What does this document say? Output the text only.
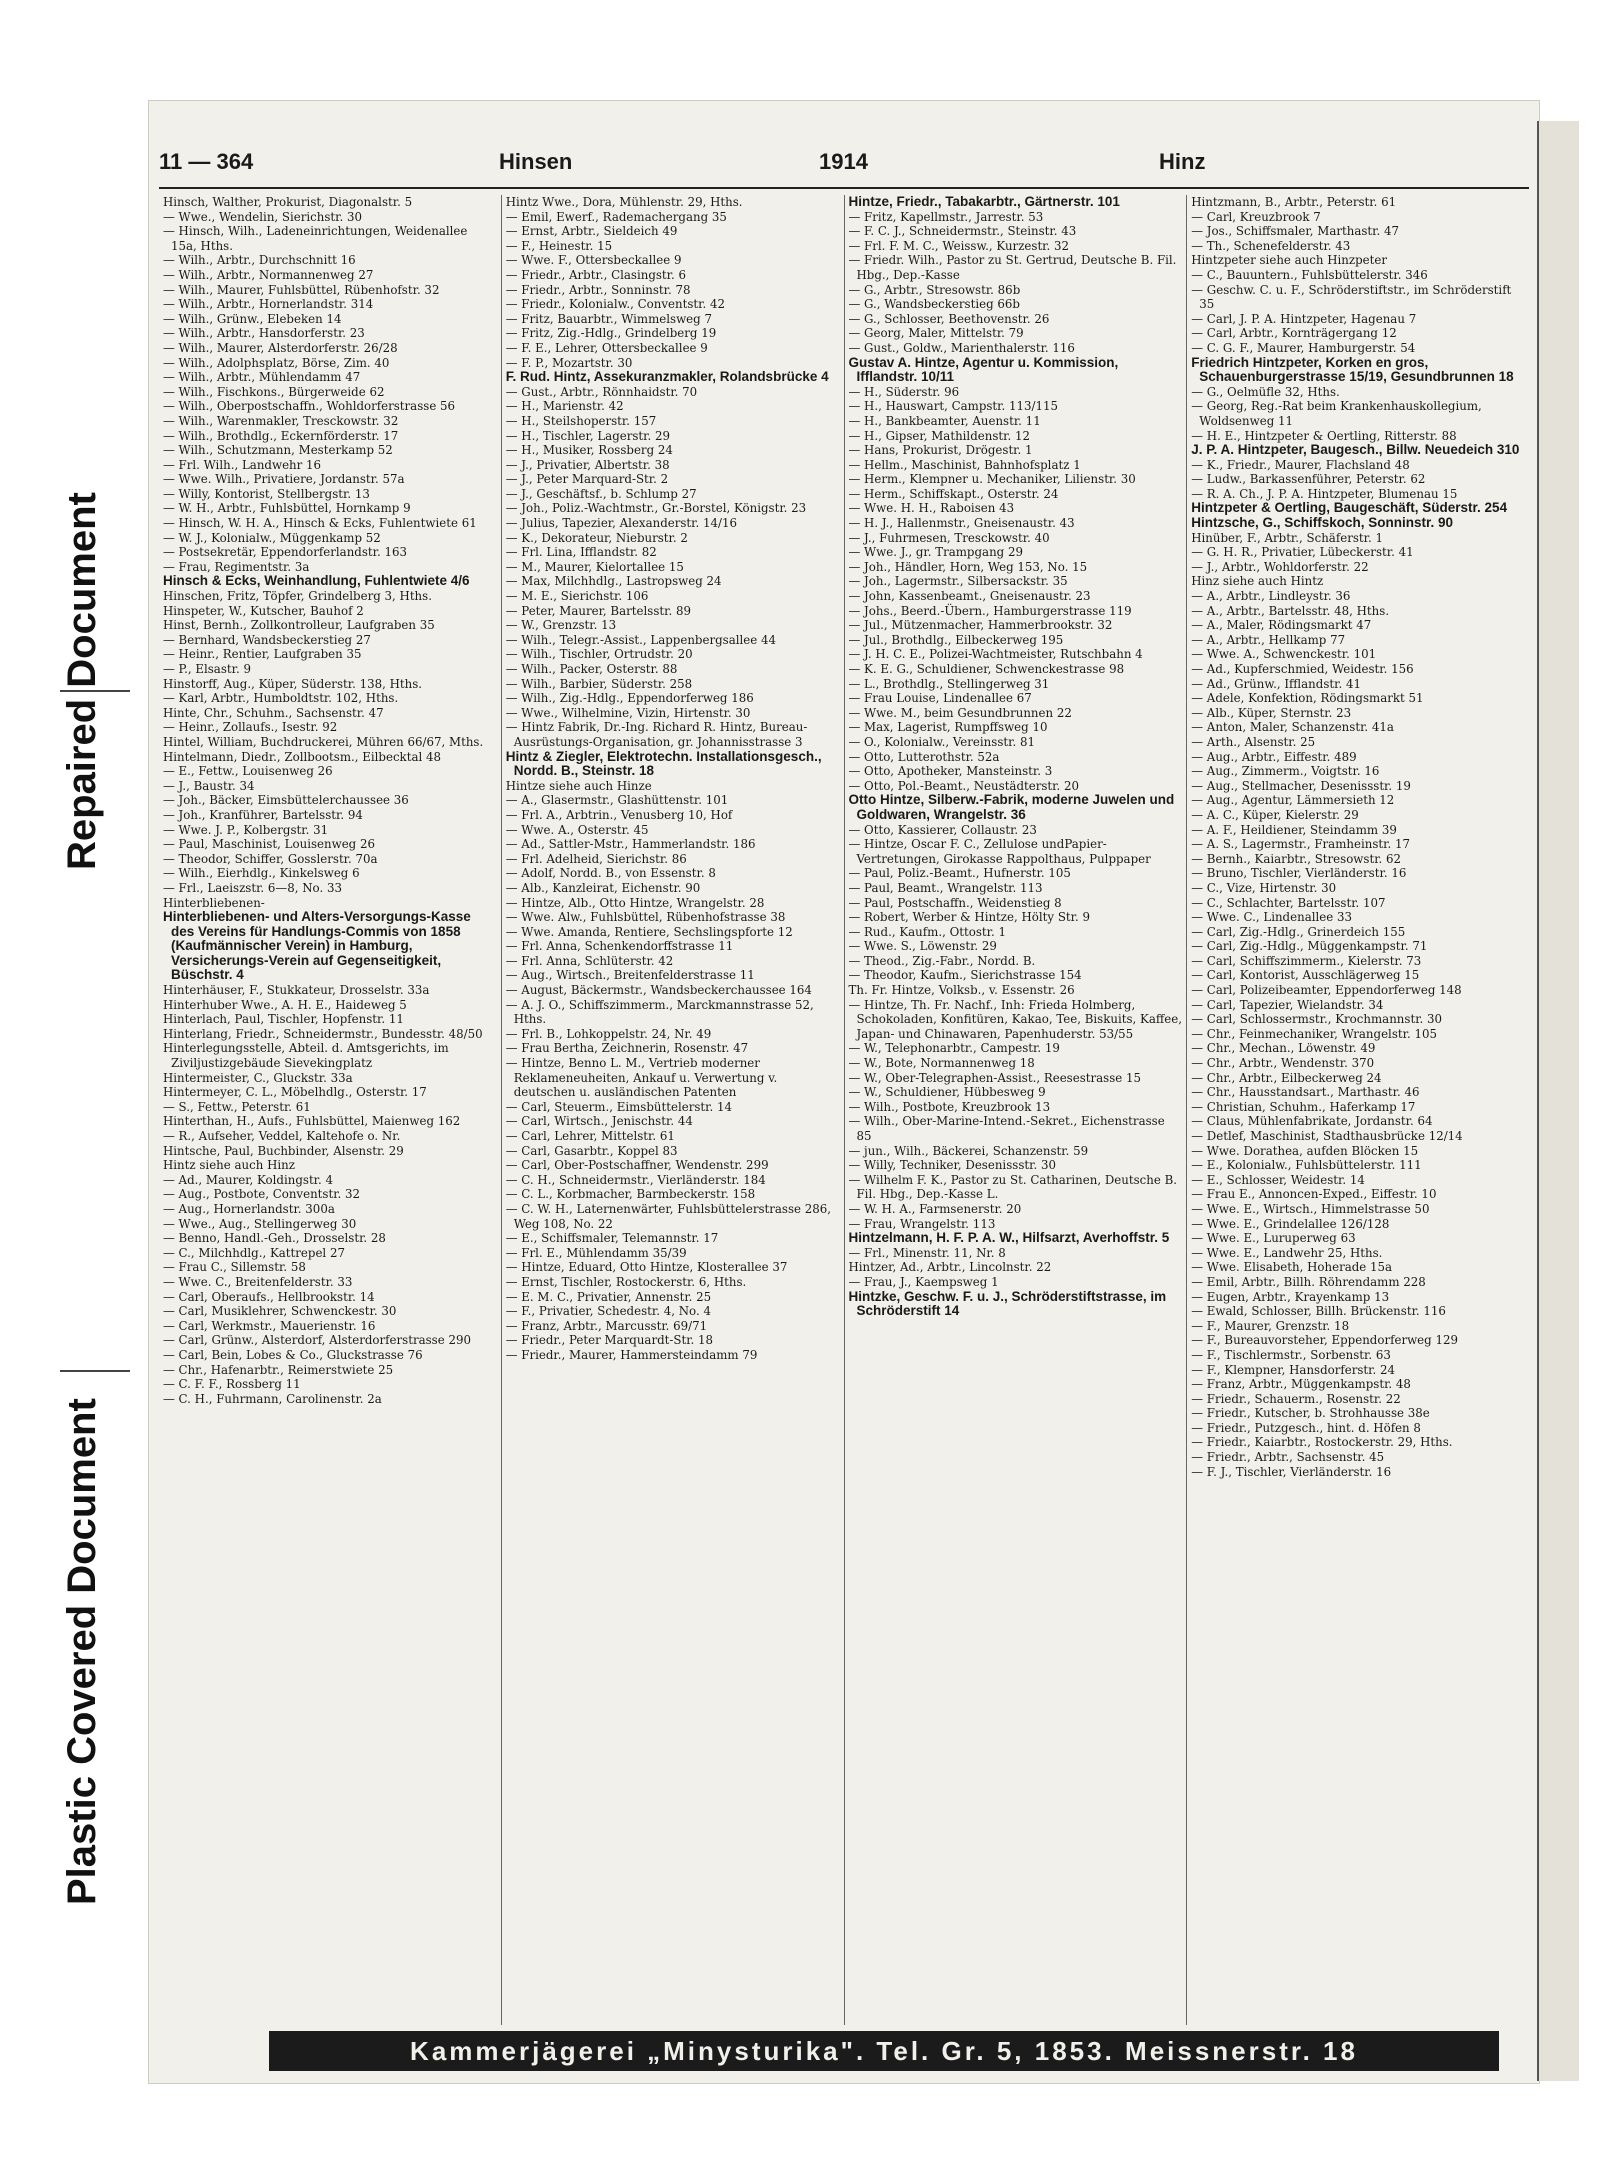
Repaired Document
Plastic Covered Document
11 — 364	Hinsen	1914	Hinz

Hinsch, Walther, Prokurist, Diagonalstr. 5

— Wwe., Wendelin, Sierichstr. 30

— Hinsch, Wilh., Ladeneinrichtungen, Weidenallee 15a, Hths.

— Wilh., Arbtr., Durchschnitt 16

— Wilh., Arbtr., Normannenweg 27

— Wilh., Maurer, Fuhlsbüttel, Rübenhofstr. 32

— Wilh., Arbtr., Hornerlandstr. 314

— Wilh., Grünw., Elebeken 14

— Wilh., Arbtr., Hansdorferstr. 23

— Wilh., Maurer, Alsterdorferstr. 26/28

— Wilh., Adolphsplatz, Börse, Zim. 40

— Wilh., Arbtr., Mühlendamm 47

— Wilh., Fischkons., Bürgerweide 62

— Wilh., Oberpostschaffn., Wohldorferstrasse 56

— Wilh., Warenmakler, Tresckowstr. 32

— Wilh., Brothdlg., Eckernförderstr. 17

— Wilh., Schutzmann, Mesterkamp 52

— Frl. Wilh., Landwehr 16

— Wwe. Wilh., Privatiere, Jordanstr. 57a

— Willy, Kontorist, Stellbergstr. 13

— W. H., Arbtr., Fuhlsbüttel, Hornkamp 9

— Hinsch, W. H. A., Hinsch & Ecks, Fuhlentwiete 61

— W. J., Kolonialw., Müggenkamp 52

— Postsekretär, Eppendorferlandstr. 163

— Frau, Regimentstr. 3a

Hinsch & Ecks, Weinhandlung, Fuhlentwiete 4/6

Hinschen, Fritz, Töpfer, Grindelberg 3, Hths.

Hinspeter, W., Kutscher, Bauhof 2

Hinst, Bernh., Zollkontrolleur, Laufgraben 35

— Bernhard, Wandsbeckerstieg 27

— Heinr., Rentier, Laufgraben 35

— P., Elsastr. 9

Hinstorff, Aug., Küper, Süderstr. 138, Hths.

— Karl, Arbtr., Humboldtstr. 102, Hths.

Hinte, Chr., Schuhm., Sachsenstr. 47

— Heinr., Zollaufs., Isestr. 92

Hintel, William, Buchdruckerei, Mühren 66/67, Mths.

Hintelmann, Diedr., Zollbootsm., Eilbecktal 48

— E., Fettw., Louisenweg 26

— J., Baustr. 34

— Joh., Bäcker, Eimsbüttelerchaussee 36

— Joh., Kranführer, Bartelsstr. 94

— Wwe. J. P., Kolbergstr. 31

— Paul, Maschinist, Louisenweg 26

— Theodor, Schiffer, Gosslerstr. 70a

— Wilh., Eierhdlg., Kinkelsweg 6

— Frl., Laeiszstr. 6—8, No. 33

Hinterbliebenen-

Hinterbliebenen- und Alters-Versorgungs-Kasse des Vereins für Handlungs-Commis von 1858 (Kaufmännischer Verein) in Hamburg, Versicherungs-Verein auf Gegenseitigkeit, Büschstr. 4

Hinterhäuser, F., Stukkateur, Drosselstr. 33a

Hinterhuber Wwe., A. H. E., Haideweg 5

Hinterlach, Paul, Tischler, Hopfenstr. 11

Hinterlang, Friedr., Schneidermstr., Bundesstr. 48/50

Hinterlegungsstelle, Abteil. d. Amtsgerichts, im Ziviljustizgebäude Sievekingplatz

Hintermeister, C., Gluckstr. 33a

Hintermeyer, C. L., Möbelhdlg., Osterstr. 17

— S., Fettw., Peterstr. 61

Hinterthan, H., Aufs., Fuhlsbüttel, Maienweg 162

— R., Aufseher, Veddel, Kaltehofe o. Nr.

Hintsche, Paul, Buchbinder, Alsenstr. 29

Hintz siehe auch Hinz

— Ad., Maurer, Koldingstr. 4

— Aug., Postbote, Conventstr. 32

— Aug., Hornerlandstr. 300a

— Wwe., Aug., Stellingerweg 30

— Benno, Handl.-Geh., Drosselstr. 28

— C., Milchhdlg., Kattrepel 27

— Frau C., Sillemstr. 58

— Wwe. C., Breitenfelderstr. 33

— Carl, Oberaufs., Hellbrookstr. 14

— Carl, Musiklehrer, Schwenckestr. 30

— Carl, Werkmstr., Mauerienstr. 16

— Carl, Grünw., Alsterdorf, Alsterdorferstrasse 290

— Carl, Bein, Lobes & Co., Gluckstrasse 76

— Chr., Hafenarbtr., Reimerstwiete 25

— C. F. F., Rossberg 11

— C. H., Fuhrmann, Carolinenstr. 2a

Hintz Wwe., Dora, Mühlenstr. 29, Hths.

— Emil, Ewerf., Rademachergang 35

— Ernst, Arbtr., Sieldeich 49

— F., Heinestr. 15

— Wwe. F., Ottersbeckallee 9

— Friedr., Arbtr., Clasingstr. 6

— Friedr., Arbtr., Sonninstr. 78

— Friedr., Kolonialw., Conventstr. 42

— Fritz, Bauarbtr., Wimmelsweg 7

— Fritz, Zig.-Hdlg., Grindelberg 19

— F. E., Lehrer, Ottersbeckallee 9

— F. P., Mozartstr. 30

F. Rud. Hintz, Assekuranzmakler, Rolandsbrücke 4

— Gust., Arbtr., Rönnhaidstr. 70

— H., Marienstr. 42

— H., Steilshoperstr. 157

— H., Tischler, Lagerstr. 29

— H., Musiker, Rossberg 24

— J., Privatier, Albertstr. 38

— J., Peter Marquard-Str. 2

— J., Geschäftsf., b. Schlump 27

— Joh., Poliz.-Wachtmstr., Gr.-Borstel, Königstr. 23

— Julius, Tapezier, Alexanderstr. 14/16

— K., Dekorateur, Nieburstr. 2

— Frl. Lina, Ifflandstr. 82

— M., Maurer, Kielortallee 15

— Max, Milchhdlg., Lastropsweg 24

— M. E., Sierichstr. 106

— Peter, Maurer, Bartelsstr. 89

— W., Grenzstr. 13

— Wilh., Telegr.-Assist., Lappenbergsallee 44

— Wilh., Tischler, Ortrudstr. 20

— Wilh., Packer, Osterstr. 88

— Wilh., Barbier, Süderstr. 258

— Wilh., Zig.-Hdlg., Eppendorferweg 186

— Wwe., Wilhelmine, Vizin, Hirtenstr. 30

— Hintz Fabrik, Dr.-Ing. Richard R. Hintz, Bureau-Ausrüstungs-Organisation, gr. Johannisstrasse 3

Hintz & Ziegler, Elektrotechn. Installationsgesch., Nordd. B., Steinstr. 18

Hintze siehe auch Hinze

— A., Glasermstr., Glashüttenstr. 101

— Frl. A., Arbtrin., Venusberg 10, Hof

— Wwe. A., Osterstr. 45

— Ad., Sattler-Mstr., Hammerlandstr. 186

— Frl. Adelheid, Sierichstr. 86

— Adolf, Nordd. B., von Essenstr. 8

— Alb., Kanzleirat, Eichenstr. 90

— Hintze, Alb., Otto Hintze, Wrangelstr. 28

— Wwe. Alw., Fuhlsbüttel, Rübenhofstrasse 38

— Wwe. Amanda, Rentiere, Sechslingspforte 12

— Frl. Anna, Schenkendorffstrasse 11

— Frl. Anna, Schlüterstr. 42

— Aug., Wirtsch., Breitenfelderstrasse 11

— August, Bäckermstr., Wandsbeckerchaussee 164

— A. J. O., Schiffszimmerm., Marckmannstrasse 52, Hths.

— Frl. B., Lohkoppelstr. 24, Nr. 49

— Frau Bertha, Zeichnerin, Rosenstr. 47

— Hintze, Benno L. M., Vertrieb moderner Reklameneuheiten, Ankauf u. Verwertung v. deutschen u. ausländischen Patenten

— Carl, Steuerm., Eimsbüttelerstr. 14

— Carl, Wirtsch., Jenischstr. 44

— Carl, Lehrer, Mittelstr. 61

— Carl, Gasarbtr., Koppel 83

— Carl, Ober-Postschaffner, Wendenstr. 299

— C. H., Schneidermstr., Vierländerstr. 184

— C. L., Korbmacher, Barmbeckerstr. 158

— C. W. H., Laternenwärter, Fuhlsbüttelerstrasse 286, Weg 108, No. 22

— E., Schiffsmaler, Telemannstr. 17

— Frl. E., Mühlendamm 35/39

— Hintze, Eduard, Otto Hintze, Klosterallee 37

— Ernst, Tischler, Rostockerstr. 6, Hths.

— E. M. C., Privatier, Annenstr. 25

— F., Privatier, Schedestr. 4, No. 4

— Franz, Arbtr., Marcusstr. 69/71

— Friedr., Peter Marquardt-Str. 18

— Friedr., Maurer, Hammersteindamm 79

Hintze, Friedr., Tabakarbtr., Gärtnerstr. 101

— Fritz, Kapellmstr., Jarrestr. 53

— F. C. J., Schneidermstr., Steinstr. 43

— Frl. F. M. C., Weissw., Kurzestr. 32

— Friedr. Wilh., Pastor zu St. Gertrud, Deutsche B. Fil. Hbg., Dep.-Kasse

— G., Arbtr., Stresowstr. 86b

— G., Wandsbeckerstieg 66b

— G., Schlosser, Beethovenstr. 26

— Georg, Maler, Mittelstr. 79

— Gust., Goldw., Marienthalerstr. 116

Gustav A. Hintze, Agentur u. Kommission, Ifflandstr. 10/11

— H., Süderstr. 96

— H., Hauswart, Campstr. 113/115

— H., Bankbeamter, Auenstr. 11

— H., Gipser, Mathildenstr. 12

— Hans, Prokurist, Drögestr. 1

— Hellm., Maschinist, Bahnhofsplatz 1

— Herm., Klempner u. Mechaniker, Lilienstr. 30

— Herm., Schiffskapt., Osterstr. 24

— Wwe. H. H., Raboisen 43

— H. J., Hallenmstr., Gneisenaustr. 43

— J., Fuhrmesen, Tresckowstr. 40

— Wwe. J., gr. Trampgang 29

— Joh., Händler, Horn, Weg 153, No. 15

— Joh., Lagermstr., Silbersackstr. 35

— John, Kassenbeamt., Gneisenaustr. 23

— Johs., Beerd.-Übern., Hamburgerstrasse 119

— Jul., Mützenmacher, Hammerbrookstr. 32

— Jul., Brothdlg., Eilbeckerweg 195

— J. H. C. E., Polizei-Wachtmeister, Rutschbahn 4

— K. E. G., Schuldiener, Schwenckestrasse 98

— L., Brothdlg., Stellingerweg 31

— Frau Louise, Lindenallee 67

— Wwe. M., beim Gesundbrunnen 22

— Max, Lagerist, Rumpffsweg 10

— O., Kolonialw., Vereinsstr. 81

— Otto, Lutterothstr. 52a

— Otto, Apotheker, Mansteinstr. 3

— Otto, Pol.-Beamt., Neustädterstr. 20

Otto Hintze, Silberw.-Fabrik, moderne Juwelen und Goldwaren, Wrangelstr. 36

— Otto, Kassierer, Collaustr. 23

— Hintze, Oscar F. C., Zellulose undPapier-Vertretungen, Girokasse Rappolthaus, Pulppaper

— Paul, Poliz.-Beamt., Hufnerstr. 105

— Paul, Beamt., Wrangelstr. 113

— Paul, Postschaffn., Weidenstieg 8

— Robert, Werber & Hintze, Hölty Str. 9

— Rud., Kaufm., Ottostr. 1

— Wwe. S., Löwenstr. 29

— Theod., Zig.-Fabr., Nordd. B.

— Theodor, Kaufm., Sierichstrasse 154

Th. Fr. Hintze, Volksb., v. Essenstr. 26

— Hintze, Th. Fr. Nachf., Inh: Frieda Holmberg, Schokoladen, Konfitüren, Kakao, Tee, Biskuits, Kaffee, Japan- und Chinawaren, Papenhuderstr. 53/55

— W., Telephonarbtr., Campestr. 19

— W., Bote, Normannenweg 18

— W., Ober-Telegraphen-Assist., Reesestrasse 15

— W., Schuldiener, Hübbesweg 9

— Wilh., Postbote, Kreuzbrook 13

— Wilh., Ober-Marine-Intend.-Sekret., Eichenstrasse 85

— jun., Wilh., Bäckerei, Schanzenstr. 59

— Willy, Techniker, Desenissstr. 30

— Wilhelm F. K., Pastor zu St. Catharinen, Deutsche B. Fil. Hbg., Dep.-Kasse L.

— W. H. A., Farmsenerstr. 20

— Frau, Wrangelstr. 113

Hintzelmann, H. F. P. A. W., Hilfsarzt, Averhoffstr. 5

— Frl., Minenstr. 11, Nr. 8

Hintzer, Ad., Arbtr., Lincolnstr. 22

— Frau, J., Kaempsweg 1

Hintzke, Geschw. F. u. J., Schröderstiftstrasse, im Schröderstift 14

Hintzmann, B., Arbtr., Peterstr. 61

— Carl, Kreuzbrook 7

— Jos., Schiffsmaler, Marthastr. 47

— Th., Schenefelderstr. 43

Hintzpeter siehe auch Hinzpeter

— C., Bauuntern., Fuhlsbüttelerstr. 346

— Geschw. C. u. F., Schröderstiftstr., im Schröderstift 35

— Carl, J. P. A. Hintzpeter, Hagenau 7

— Carl, Arbtr., Kornträgergang 12

— C. G. F., Maurer, Hamburgerstr. 54

Friedrich Hintzpeter, Korken en gros, Schauenburgerstrasse 15/19, Gesundbrunnen 18

— G., Oelmüfle 32, Hths.

— Georg, Reg.-Rat beim Krankenhauskollegium, Woldsenweg 11

— H. E., Hintzpeter & Oertling, Ritterstr. 88

J. P. A. Hintzpeter, Baugesch., Billw. Neuedeich 310

— K., Friedr., Maurer, Flachsland 48

— Ludw., Barkassenführer, Peterstr. 62

— R. A. Ch., J. P. A. Hintzpeter, Blumenau 15

Hintzpeter & Oertling, Baugeschäft, Süderstr. 254

Hintzsche, G., Schiffskoch, Sonninstr. 90

Hinüber, F., Arbtr., Schäferstr. 1

— G. H. R., Privatier, Lübeckerstr. 41

— J., Arbtr., Wohldorferstr. 22

Hinz siehe auch Hintz

— A., Arbtr., Lindleystr. 36

— A., Arbtr., Bartelsstr. 48, Hths.

— A., Maler, Rödingsmarkt 47

— A., Arbtr., Hellkamp 77

— Wwe. A., Schwenckestr. 101

— Ad., Kupferschmied, Weidestr. 156

— Ad., Grünw., Ifflandstr. 41

— Adele, Konfektion, Rödingsmarkt 51

— Alb., Küper, Sternstr. 23

— Anton, Maler, Schanzenstr. 41a

— Arth., Alsenstr. 25

— Aug., Arbtr., Eiffestr. 489

— Aug., Zimmerm., Voigtstr. 16

— Aug., Stellmacher, Desenissstr. 19

— Aug., Agentur, Lämmersieth 12

— A. C., Küper, Kielerstr. 29

— A. F., Heildiener, Steindamm 39

— A. S., Lagermstr., Framheinstr. 17

— Bernh., Kaiarbtr., Stresowstr. 62

— Bruno, Tischler, Vierländerstr. 16

— C., Vize, Hirtenstr. 30

— C., Schlachter, Bartelsstr. 107

— Wwe. C., Lindenallee 33

— Carl, Zig.-Hdlg., Grinerdeich 155

— Carl, Zig.-Hdlg., Müggenkampstr. 71

— Carl, Schiffszimmerm., Kielerstr. 73

— Carl, Kontorist, Ausschlägerweg 15

— Carl, Polizeibeamter, Eppendorferweg 148

— Carl, Tapezier, Wielandstr. 34

— Carl, Schlossermstr., Krochmannstr. 30

— Chr., Feinmechaniker, Wrangelstr. 105

— Chr., Mechan., Löwenstr. 49

— Chr., Arbtr., Wendenstr. 370

— Chr., Arbtr., Eilbeckerweg 24

— Chr., Hausstandsart., Marthastr. 46

— Christian, Schuhm., Haferkamp 17

— Claus, Mühlenfabrikate, Jordanstr. 64

— Detlef, Maschinist, Stadthausbrücke 12/14

— Wwe. Dorathea, aufden Blöcken 15

— E., Kolonialw., Fuhlsbüttelerstr. 111

— E., Schlosser, Weidestr. 14

— Frau E., Annoncen-Exped., Eiffestr. 10

— Wwe. E., Wirtsch., Himmelstrasse 50

— Wwe. E., Grindelallee 126/128

— Wwe. E., Luruperweg 63

— Wwe. E., Landwehr 25, Hths.

— Wwe. Elisabeth, Hoherade 15a

— Emil, Arbtr., Billh. Röhrendamm 228

— Eugen, Arbtr., Krayenkamp 13

— Ewald, Schlosser, Billh. Brückenstr. 116

— F., Maurer, Grenzstr. 18

— F., Bureauvorsteher, Eppendorferweg 129

— F., Tischlermstr., Sorbenstr. 63

— F., Klempner, Hansdorferstr. 24

— Franz, Arbtr., Müggenkampstr. 48

— Friedr., Schauerm., Rosenstr. 22

— Friedr., Kutscher, b. Strohhausse 38e

— Friedr., Putzgesch., hint. d. Höfen 8

— Friedr., Kaiarbtr., Rostockerstr. 29, Hths.

— Friedr., Arbtr., Sachsenstr. 45

— F. J., Tischler, Vierländerstr. 16

Kammerjägerei „Minysturika". Tel. Gr. 5, 1853. Meissnerstr. 18
